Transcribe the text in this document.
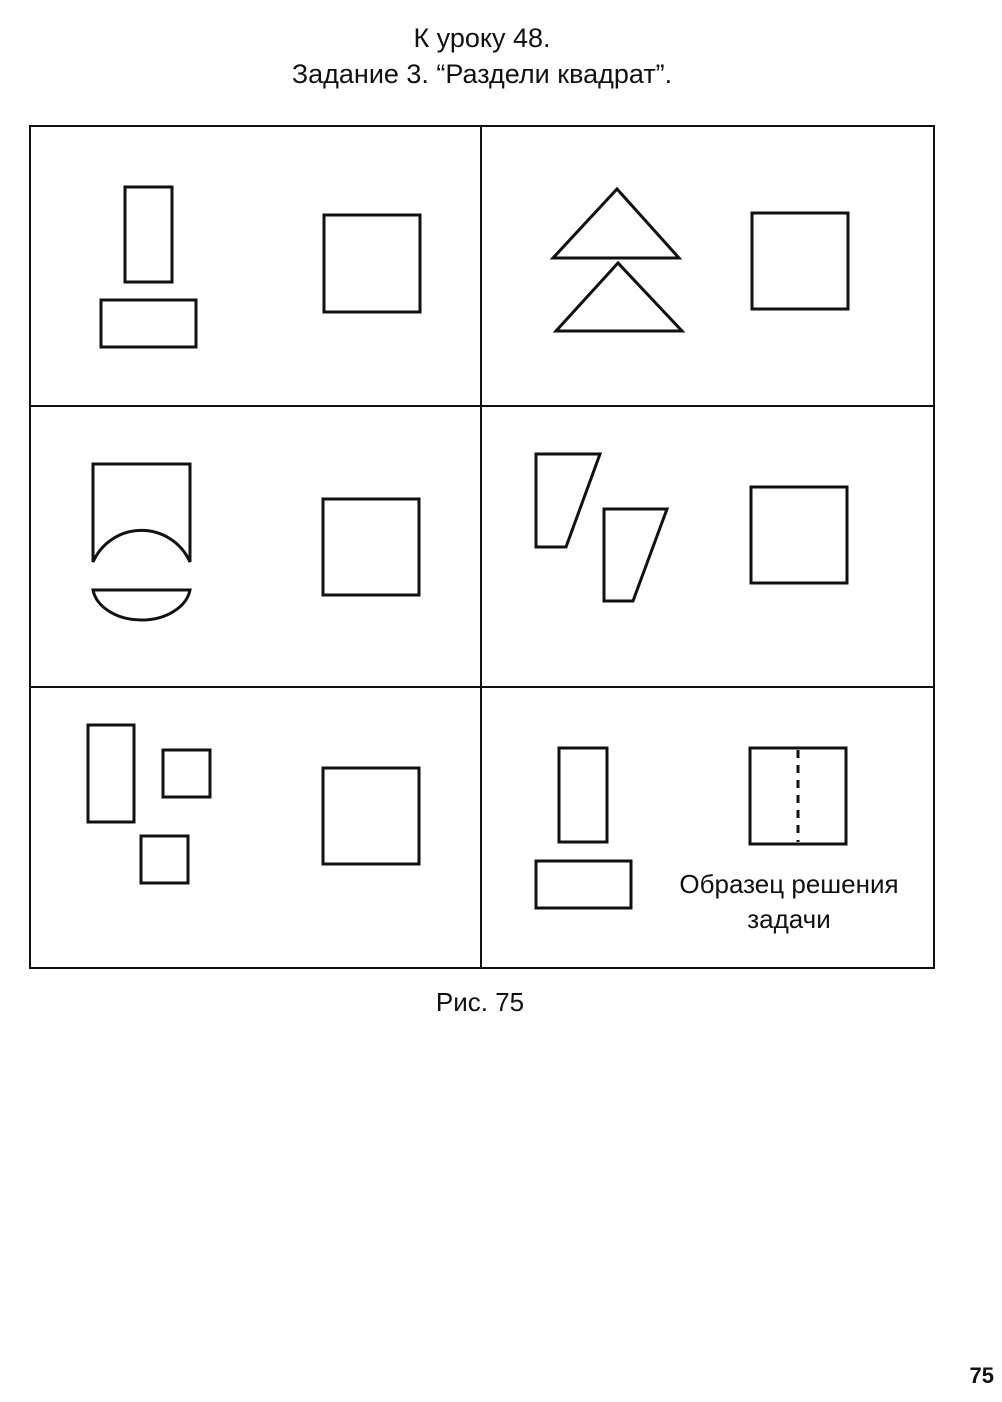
К уроку 48.
Задание 3. “Раздели квадрат”.
Образец решения
задачи
Рис. 75
75
